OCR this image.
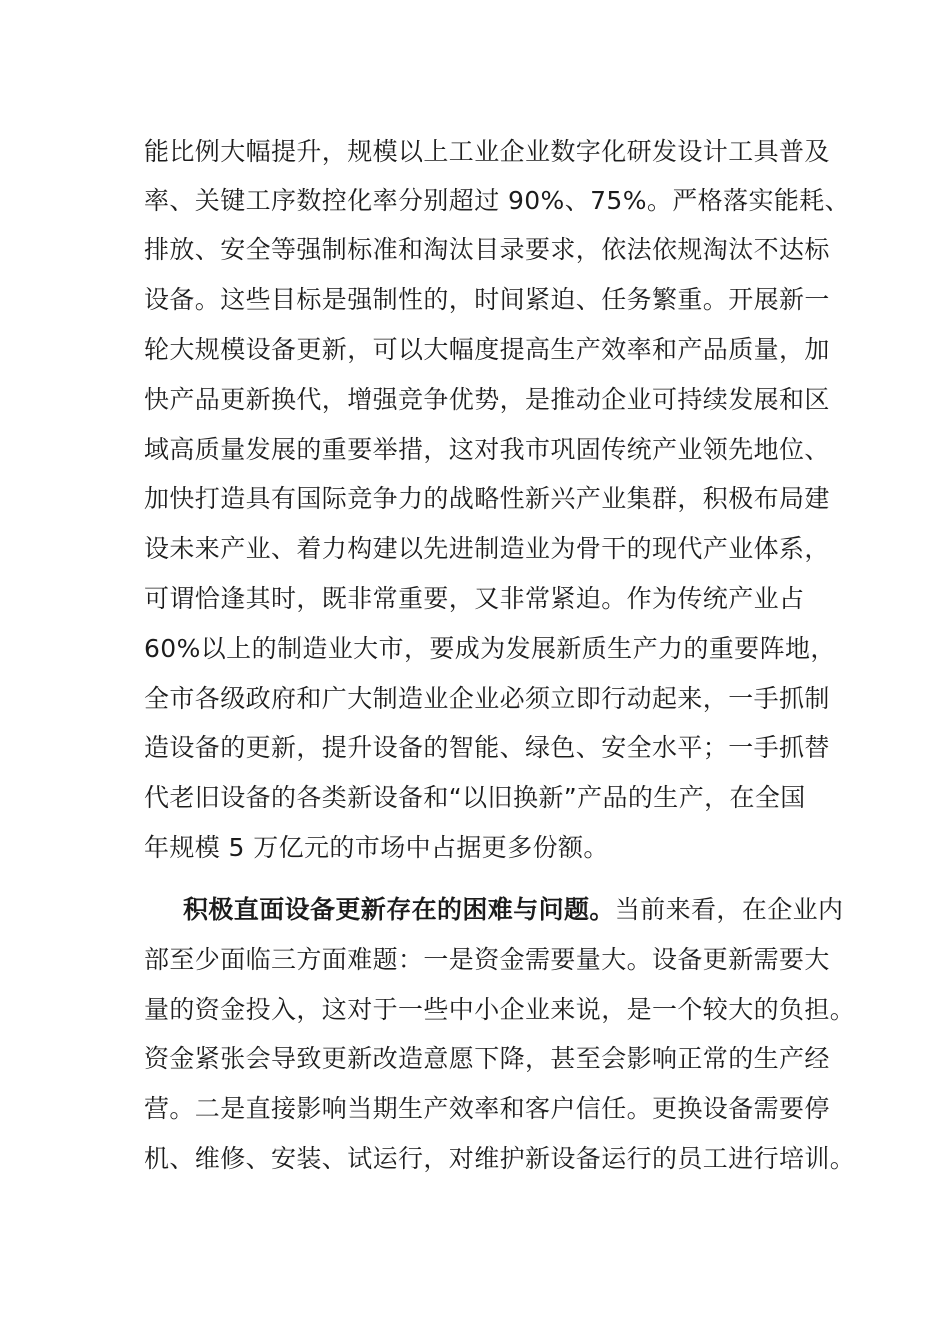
能比例大幅提升，规模以上工业企业数字化研发设计工具普及
率、关键工序数控化率分别超过 90%、75%。严格落实能耗、
排放、安全等强制标准和淘汰目录要求，依法依规淘汰不达标
设备。这些目标是强制性的，时间紧迫、任务繁重。开展新一
轮大规模设备更新，可以大幅度提高生产效率和产品质量，加
快产品更新换代，增强竞争优势，是推动企业可持续发展和区
域高质量发展的重要举措，这对我市巩固传统产业领先地位、
加快打造具有国际竞争力的战略性新兴产业集群，积极布局建
设未来产业、着力构建以先进制造业为骨干的现代产业体系，
可谓恰逢其时，既非常重要，又非常紧迫。作为传统产业占
60%以上的制造业大市，要成为发展新质生产力的重要阵地，
全市各级政府和广大制造业企业必须立即行动起来，一手抓制
造设备的更新，提升设备的智能、绿色、安全水平；一手抓替
代老旧设备的各类新设备和“以旧换新”产品的生产，在全国
年规模 5 万亿元的市场中占据更多份额。
积极直面设备更新存在的困难与问题。当前来看，在企业内
部至少面临三方面难题：一是资金需要量大。设备更新需要大
量的资金投入，这对于一些中小企业来说，是一个较大的负担。
资金紧张会导致更新改造意愿下降，甚至会影响正常的生产经
营。二是直接影响当期生产效率和客户信任。更换设备需要停
机、维修、安装、试运行，对维护新设备运行的员工进行培训。
